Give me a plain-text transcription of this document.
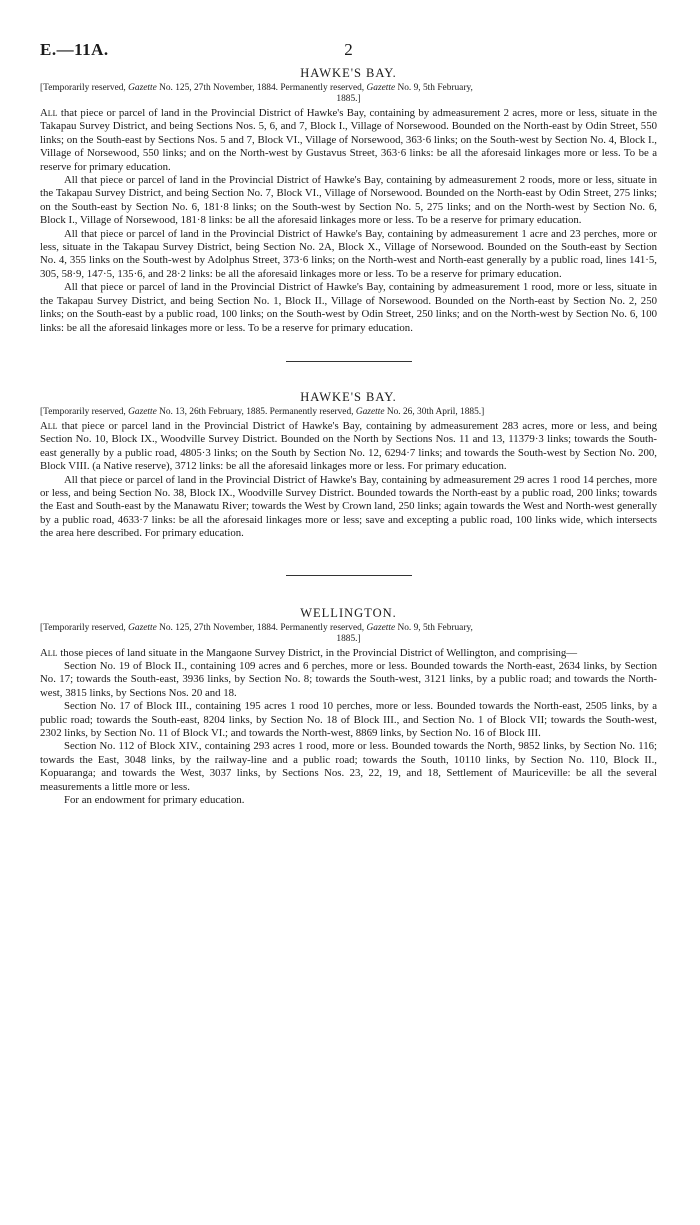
E.—11A.	2
HAWKE'S BAY.
[Temporarily reserved, Gazette No. 125, 27th November, 1884. Permanently reserved, Gazette No. 9, 5th February,
1885.]

All that piece or parcel of land in the Provincial District of Hawke's Bay, containing by admeasurement 2 acres, more or less, situate in the Takapau Survey District, and being Sections Nos. 5, 6, and 7, Block I., Village of Norsewood. Bounded on the North-east by Odin Street, 550 links; on the South-east by Sections Nos. 5 and 7, Block VI., Village of Norsewood, 363·6 links; on the South-west by Section No. 4, Block I., Village of Norsewood, 550 links; and on the North-west by Gustavus Street, 363·6 links: be all the aforesaid linkages more or less. To be a reserve for primary education.

All that piece or parcel of land in the Provincial District of Hawke's Bay, containing by admeasurement 2 roods, more or less, situate in the Takapau Survey District, and being Section No. 7, Block VI., Village of Norsewood. Bounded on the North-east by Odin Street, 275 links; on the South-east by Section No. 6, 181·8 links; on the South-west by Section No. 5, 275 links; and on the North-west by Section No. 6, Block I., Village of Norsewood, 181·8 links: be all the aforesaid linkages more or less. To be a reserve for primary education.

All that piece or parcel of land in the Provincial District of Hawke's Bay, containing by admeasurement 1 acre and 23 perches, more or less, situate in the Takapau Survey District, being Section No. 2A, Block X., Village of Norsewood. Bounded on the South-east by Section No. 4, 355 links on the South-west by Adolphus Street, 373·6 links; on the North-west and North-east generally by a public road, lines 141·5, 305, 58·9, 147·5, 135·6, and 28·2 links: be all the aforesaid linkages more or less. To be a reserve for primary education.

All that piece or parcel of land in the Provincial District of Hawke's Bay, containing by admeasurement 1 rood, more or less, situate in the Takapau Survey District, and being Section No. 1, Block II., Village of Norsewood. Bounded on the North-east by Section No. 2, 250 links; on the South-east by a public road, 100 links; on the South-west by Odin Street, 250 links; and on the North-west by Section No. 6, 100 links: be all the aforesaid linkages more or less. To be a reserve for primary education.

HAWKE'S BAY.
[Temporarily reserved, Gazette No. 13, 26th February, 1885. Permanently reserved, Gazette No. 26, 30th April, 1885.]

All that piece or parcel land in the Provincial District of Hawke's Bay, containing by admeasurement 283 acres, more or less, and being Section No. 10, Block IX., Woodville Survey District. Bounded on the North by Sections Nos. 11 and 13, 11379·3 links; towards the South-east generally by a public road, 4805·3 links; on the South by Section No. 12, 6294·7 links; and towards the South-west by Section No. 200, Block VIII. (a Native reserve), 3712 links: be all the aforesaid linkages more or less. For primary education.

All that piece or parcel of land in the Provincial District of Hawke's Bay, containing by admeasurement 29 acres 1 rood 14 perches, more or less, and being Section No. 38, Block IX., Woodville Survey District. Bounded towards the North-east by a public road, 200 links; towards the East and South-east by the Manawatu River; towards the West by Crown land, 250 links; again towards the West and North-west generally by a public road, 4633·7 links: be all the aforesaid linkages more or less; save and excepting a public road, 100 links wide, which intersects the area here described. For primary education.

WELLINGTON.
[Temporarily reserved, Gazette No. 125, 27th November, 1884. Permanently reserved, Gazette No. 9, 5th February,
1885.]

All those pieces of land situate in the Mangaone Survey District, in the Provincial District of Wellington, and comprising—

Section No. 19 of Block II., containing 109 acres and 6 perches, more or less. Bounded towards the North-east, 2634 links, by Section No. 17; towards the South-east, 3936 links, by Section No. 8; towards the South-west, 3121 links, by a public road; and towards the North-west, 3815 links, by Sections Nos. 20 and 18.

Section No. 17 of Block III., containing 195 acres 1 rood 10 perches, more or less. Bounded towards the North-east, 2505 links, by a public road; towards the South-east, 8204 links, by Section No. 18 of Block III., and Section No. 1 of Block VII; towards the South-west, 2302 links, by Section No. 11 of Block VI.; and towards the North-west, 8869 links, by Section No. 16 of Block III.

Section No. 112 of Block XIV., containing 293 acres 1 rood, more or less. Bounded towards the North, 9852 links, by Section No. 116; towards the East, 3048 links, by the railway-line and a public road; towards the South, 10110 links, by Section No. 110, Block II., Kopuaranga; and towards the West, 3037 links, by Sections Nos. 23, 22, 19, and 18, Settlement of Mauriceville: be all the several measurements a little more or less.

For an endowment for primary education.
